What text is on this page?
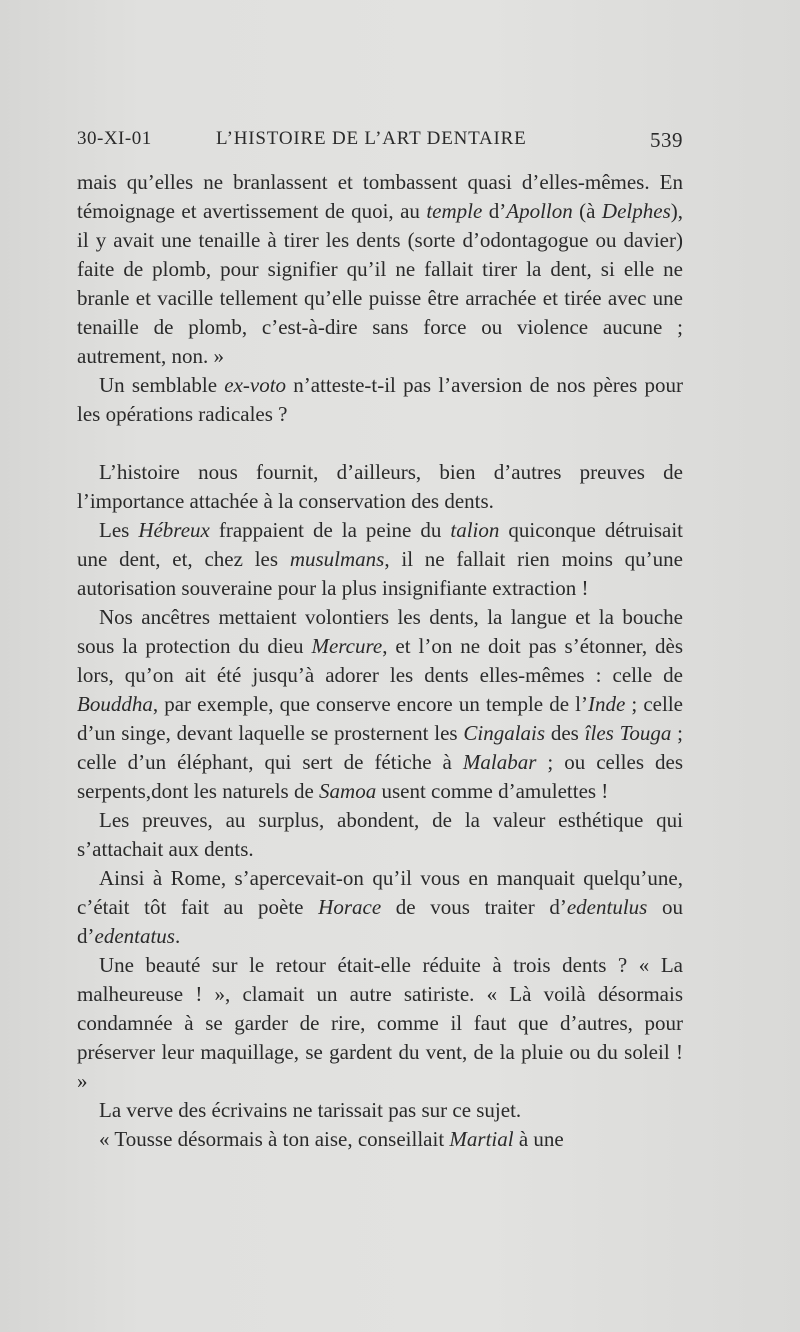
30-XI-01	L’HISTOIRE DE L’ART DENTAIRE	539

mais qu’elles ne branlassent et tombassent quasi d’elles-mêmes. En témoignage et avertissement de quoi, au temple d’Apollon (à Delphes), il y avait une tenaille à tirer les dents (sorte d’odontagogue ou davier) faite de plomb, pour signifier qu’il ne fallait tirer la dent, si elle ne branle et vacille tellement qu’elle puisse être arrachée et tirée avec une tenaille de plomb, c’est-à-dire sans force ou violence aucune ; autrement, non. »

Un semblable ex-voto n’atteste-t-il pas l’aversion de nos pères pour les opérations radicales ?

L’histoire nous fournit, d’ailleurs, bien d’autres preuves de l’importance attachée à la conservation des dents.

Les Hébreux frappaient de la peine du talion quiconque détruisait une dent, et, chez les musulmans, il ne fallait rien moins qu’une autorisation souveraine pour la plus insignifiante extraction !

Nos ancêtres mettaient volontiers les dents, la langue et la bouche sous la protection du dieu Mercure, et l’on ne doit pas s’étonner, dès lors, qu’on ait été jusqu’à adorer les dents elles-mêmes : celle de Bouddha, par exemple, que conserve encore un temple de l’Inde ; celle d’un singe, devant laquelle se prosternent les Cingalais des îles Touga ; celle d’un éléphant, qui sert de fétiche à Malabar ; ou celles des serpents,dont les naturels de Samoa usent comme d’amulettes !

Les preuves, au surplus, abondent, de la valeur esthétique qui s’attachait aux dents.

Ainsi à Rome, s’apercevait-on qu’il vous en manquait quelqu’une, c’était tôt fait au poète Horace de vous traiter d’edentulus ou d’edentatus.

Une beauté sur le retour était-elle réduite à trois dents ? « La malheureuse ! », clamait un autre satiriste. « Là voilà désormais condamnée à se garder de rire, comme il faut que d’autres, pour préserver leur maquillage, se gardent du vent, de la pluie ou du soleil ! »

La verve des écrivains ne tarissait pas sur ce sujet.

« Tousse désormais à ton aise, conseillait Martial à une
